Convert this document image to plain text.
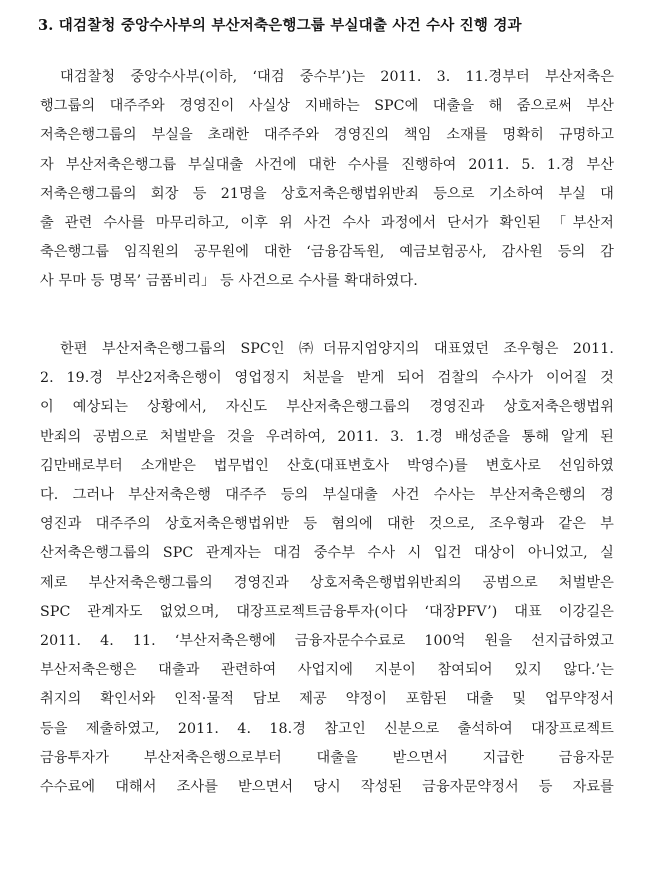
3. 대검찰청 중앙수사부의 부산저축은행그룹 부실대출 사건 수사 진행 경과
대검찰청 중앙수사부(이하, ‘대검 중수부’)는 2011. 3. 11.경부터 부산저축은
행그룹의 대주주와 경영진이 사실상 지배하는 SPC에 대출을 해 줌으로써 부산
저축은행그룹의 부실을 초래한 대주주와 경영진의 책임 소재를 명확히 규명하고
자 부산저축은행그룹 부실대출 사건에 대한 수사를 진행하여 2011. 5. 1.경 부산
저축은행그룹의 회장 등 21명을 상호저축은행법위반죄 등으로 기소하여 부실 대
출 관련 수사를 마무리하고, 이후 위 사건 수사 과정에서 단서가 확인된 「부산저
축은행그룹 임직원의 공무원에 대한 ‘금융감독원, 예금보험공사, 감사원 등의 감
사 무마 등 명목’ 금품비리」 등 사건으로 수사를 확대하였다.
한편 부산저축은행그룹의 SPC인 ㈜더뮤지엄양지의 대표였던 조우형은 2011.
2. 19.경 부산2저축은행이 영업정지 처분을 받게 되어 검찰의 수사가 이어질 것
이 예상되는 상황에서, 자신도 부산저축은행그룹의 경영진과 상호저축은행법위
반죄의 공범으로 처벌받을 것을 우려하여, 2011. 3. 1.경 배성준을 통해 알게 된
김만배로부터 소개받은 법무법인 산호(대표변호사 박영수)를 변호사로 선임하였
다. 그러나 부산저축은행 대주주 등의 부실대출 사건 수사는 부산저축은행의 경
영진과 대주주의 상호저축은행법위반 등 혐의에 대한 것으로, 조우형과 같은 부
산저축은행그룹의 SPC 관계자는 대검 중수부 수사 시 입건 대상이 아니었고, 실
제로 부산저축은행그룹의 경영진과 상호저축은행법위반죄의 공범으로 처벌받은
SPC 관계자도 없었으며, 대장프로젝트금융투자(이다 ‘대장PFV’) 대표 이강길은
2011. 4. 11. ‘부산저축은행에 금융자문수수료로 100억 원을 선지급하였고
부산저축은행은 대출과 관련하여 사업지에 지분이 참여되어 있지 않다.’는
취지의 확인서와 인적·물적 담보 제공 약정이 포함된 대출 및 업무약정서
등을 제출하였고, 2011. 4. 18.경 참고인 신분으로 출석하여 대장프로젝트
금융투자가 부산저축은행으로부터 대출을 받으면서 지급한 금융자문
수수료에 대해서 조사를 받으면서 당시 작성된 금융자문약정서 등 자료를
